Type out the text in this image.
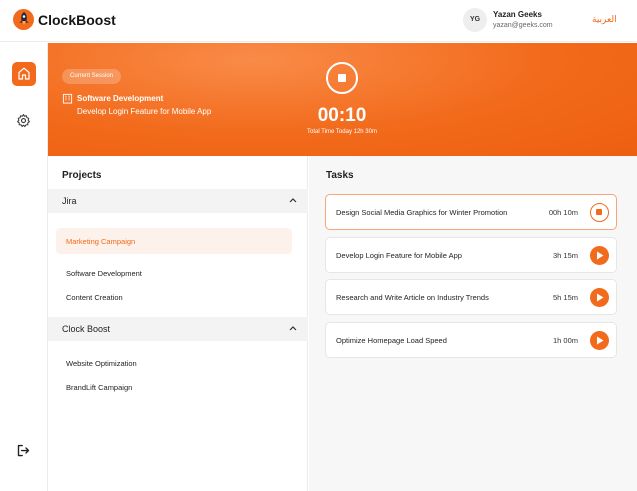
ClockBoost	YG
Yazan Geeks
yazan@geeks.com
العربية
Current Session
Software Development
Develop Login Feature for Mobile App	00:10
Total Time Today 12h 30m
Projects
Jira
Marketing Campaign
Software Development
Content Creation
Clock Boost
Website Optimization
BrandLift Campaign
Tasks
Design Social Media Graphics for Winter Promotion	00h 10m
Develop Login Feature for Mobile App	3h 15m
Research and Write Article on Industry Trends	5h 15m
Optimize Homepage Load Speed	1h 00m
